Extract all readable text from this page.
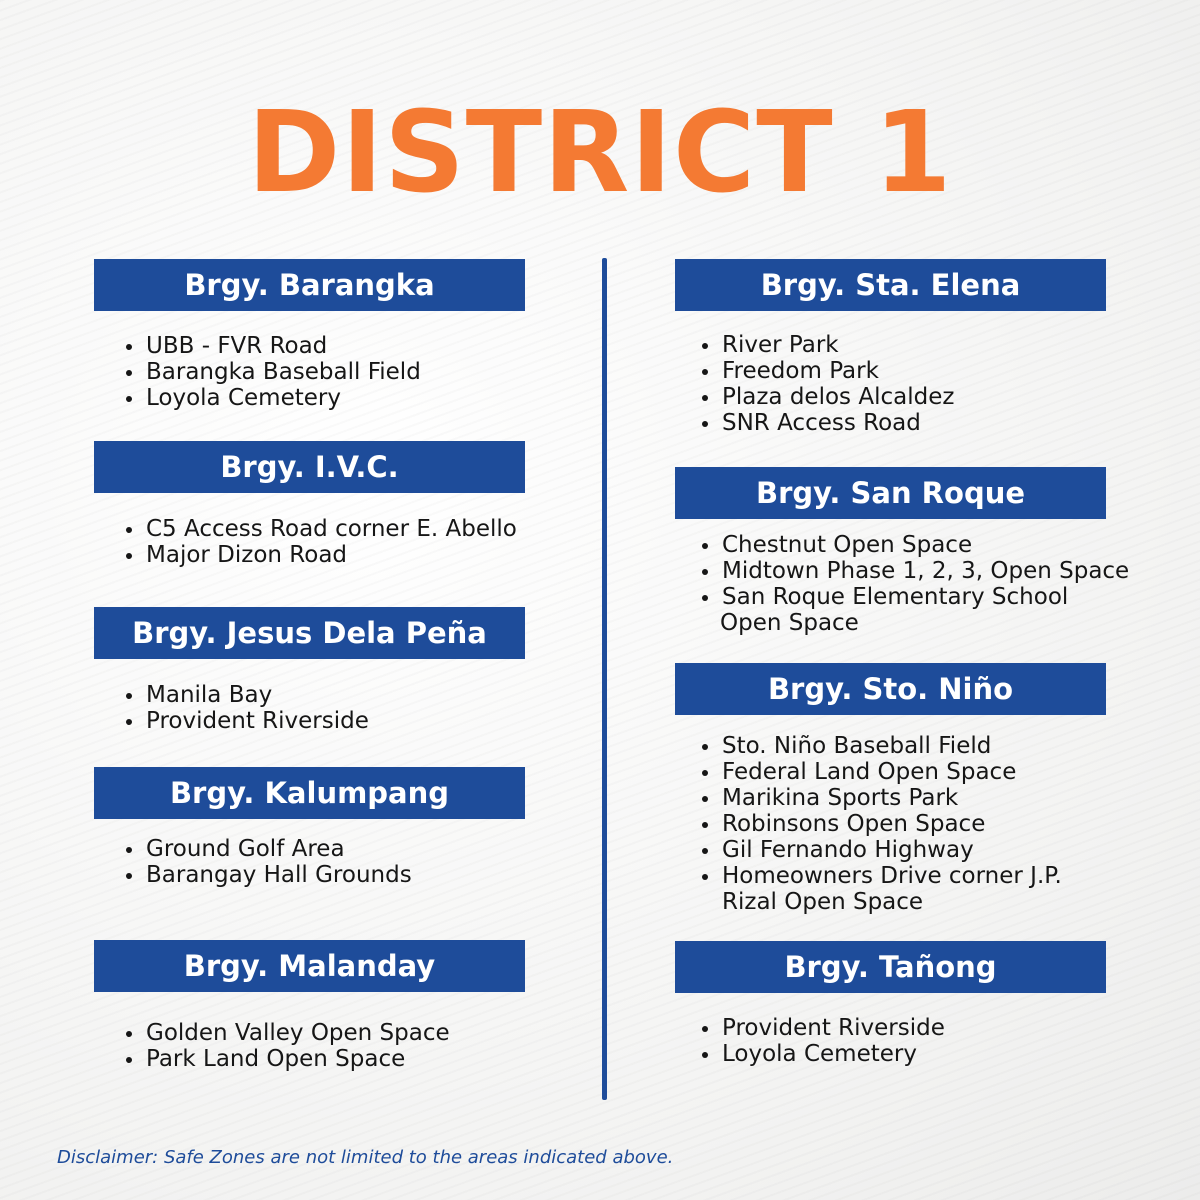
DISTRICT 1
Brgy. Barangka
UBB - FVR Road
Barangka Baseball Field
Loyola Cemetery
Brgy. I.V.C.
C5 Access Road corner E. Abello
Major Dizon Road
Brgy. Jesus Dela Peña
Manila Bay
Provident Riverside
Brgy. Kalumpang
Ground Golf Area
Barangay Hall Grounds
Brgy. Malanday
Golden Valley Open Space
Park Land Open Space
Brgy. Sta. Elena
River Park
Freedom Park
Plaza delos Alcaldez
SNR Access Road
Brgy. San Roque
Chestnut Open Space
Midtown Phase 1, 2, 3, Open Space
San Roque Elementary School
Open Space
Brgy. Sto. Niño
Sto. Niño Baseball Field
Federal Land Open Space
Marikina Sports Park
Robinsons Open Space
Gil Fernando Highway
Homeowners Drive corner J.P.
Rizal Open Space
Brgy. Tañong
Provident Riverside
Loyola Cemetery
Disclaimer: Safe Zones are not limited to the areas indicated above.
